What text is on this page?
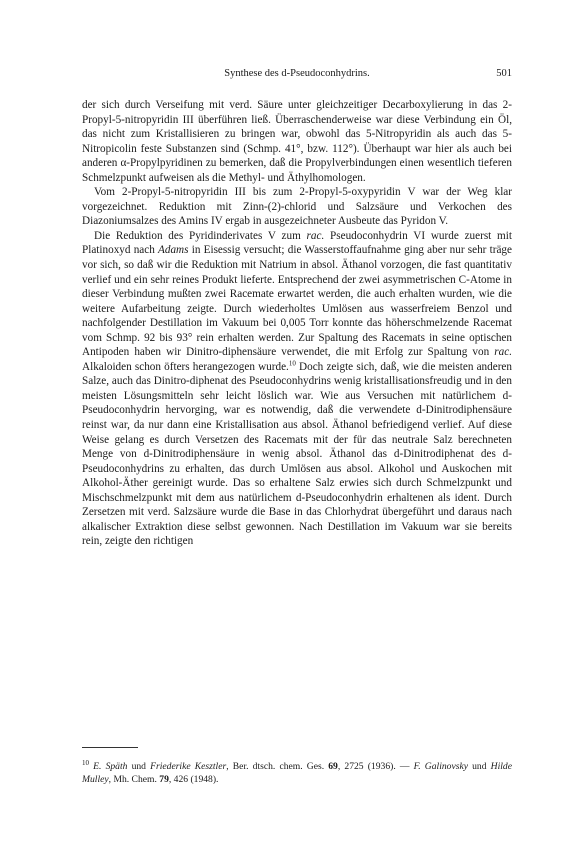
Synthese des d-Pseudoconhydrins.	501

der sich durch Verseifung mit verd. Säure unter gleichzeitiger Decarboxylierung in das 2-Propyl-5-nitropyridin III überführen ließ. Überraschenderweise war diese Verbindung ein Öl, das nicht zum Kristallisieren zu bringen war, obwohl das 5-Nitropyridin als auch das 5-Nitropicolin feste Substanzen sind (Schmp. 41°, bzw. 112°). Überhaupt war hier als auch bei anderen α-Propylpyridinen zu bemerken, daß die Propylverbindungen einen wesentlich tieferen Schmelzpunkt aufweisen als die Methyl- und Äthylhomologen.

Vom 2-Propyl-5-nitropyridin III bis zum 2-Propyl-5-oxypyridin V war der Weg klar vorgezeichnet. Reduktion mit Zinn-(2)-chlorid und Salzsäure und Verkochen des Diazoniumsalzes des Amins IV ergab in ausgezeichneter Ausbeute das Pyridon V.

Die Reduktion des Pyridinderivates V zum rac. Pseudoconhydrin VI wurde zuerst mit Platinoxyd nach Adams in Eisessig versucht; die Wasserstoffaufnahme ging aber nur sehr träge vor sich, so daß wir die Reduktion mit Natrium in absol. Äthanol vorzogen, die fast quantitativ verlief und ein sehr reines Produkt lieferte. Entsprechend der zwei asymmetrischen C-Atome in dieser Verbindung mußten zwei Racemate erwartet werden, die auch erhalten wurden, wie die weitere Aufarbeitung zeigte. Durch wiederholtes Umlösen aus wasserfreiem Benzol und nachfolgender Destillation im Vakuum bei 0,005 Torr konnte das höherschmelzende Racemat vom Schmp. 92 bis 93° rein erhalten werden. Zur Spaltung des Racemats in seine optischen Antipoden haben wir Dinitro-diphensäure verwendet, die mit Erfolg zur Spaltung von rac. Alkaloiden schon öfters herangezogen wurde.$^{10}$ Doch zeigte sich, daß, wie die meisten anderen Salze, auch das Dinitro-diphenat des Pseudoconhydrins wenig kristallisationsfreudig und in den meisten Lösungsmitteln sehr leicht löslich war. Wie aus Versuchen mit natürlichem d-Pseudoconhydrin hervorging, war es notwendig, daß die verwendete d-Dinitrodiphensäure reinst war, da nur dann eine Kristallisation aus absol. Äthanol befriedigend verlief. Auf diese Weise gelang es durch Versetzen des Racemats mit der für das neutrale Salz berechneten Menge von d-Dinitrodiphensäure in wenig absol. Äthanol das d-Dinitrodiphenat des d-Pseudoconhydrins zu erhalten, das durch Umlösen aus absol. Alkohol und Auskochen mit Alkohol-Äther gereinigt wurde. Das so erhaltene Salz erwies sich durch Schmelzpunkt und Mischschmelzpunkt mit dem aus natürlichem d-Pseudoconhydrin erhaltenen als ident. Durch Zersetzen mit verd. Salzsäure wurde die Base in das Chlorhydrat übergeführt und daraus nach alkalischer Extraktion diese selbst gewonnen. Nach Destillation im Vakuum war sie bereits rein, zeigte den richtigen

$^{10}$ E. Späth und Friederike Kesztler, Ber. dtsch. chem. Ges. 69, 2725 (1936). — F. Galinovsky und Hilde Mulley, Mh. Chem. 79, 426 (1948).
